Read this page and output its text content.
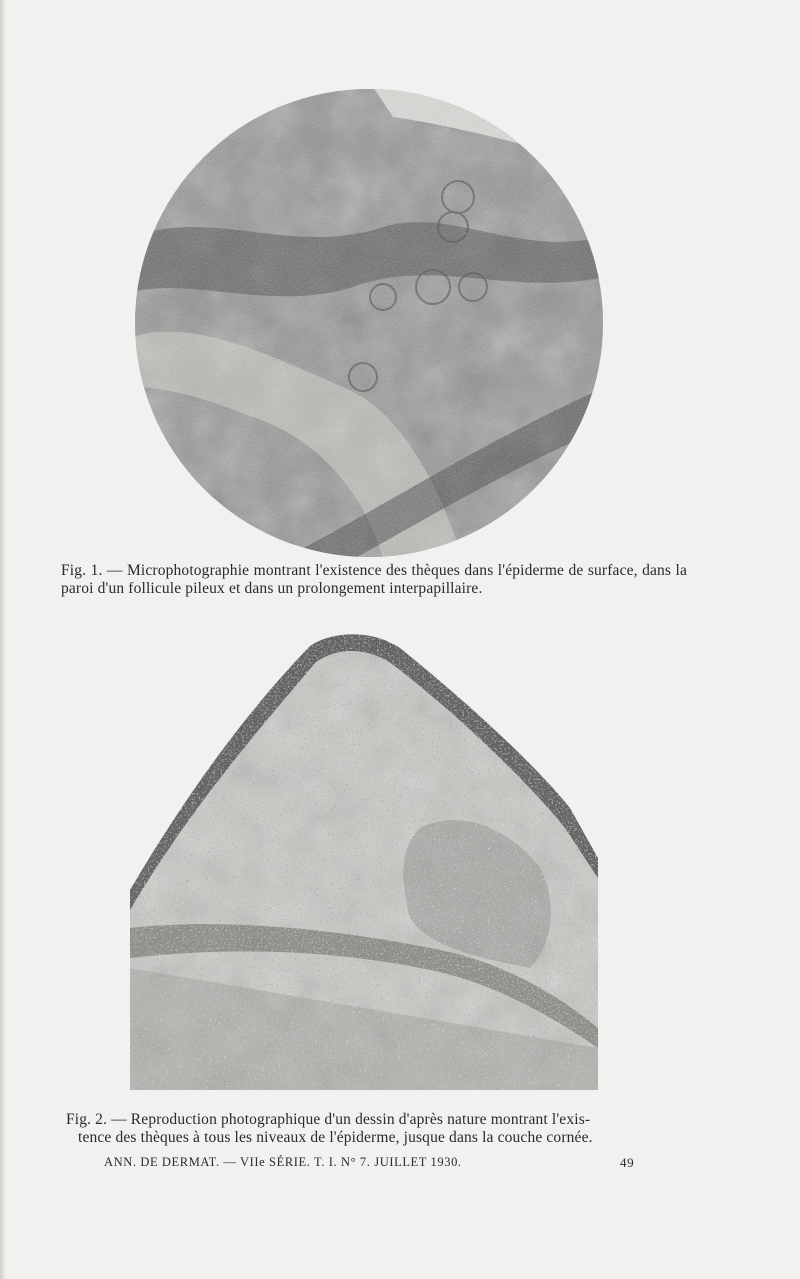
Fig. 1. — Microphotographie montrant l'existence des thèques dans l'épiderme de surface, dans la paroi d'un follicule pileux et dans un prolongement interpapillaire.
Fig. 2. — Reproduction photographique d'un dessin d'après nature montrant l'exis-
tence des thèques à tous les niveaux de l'épiderme, jusque dans la couche cornée.
ANN. DE DERMAT. — VIIe SÉRIE. T. I. N° 7. JUILLET 1930.	49
